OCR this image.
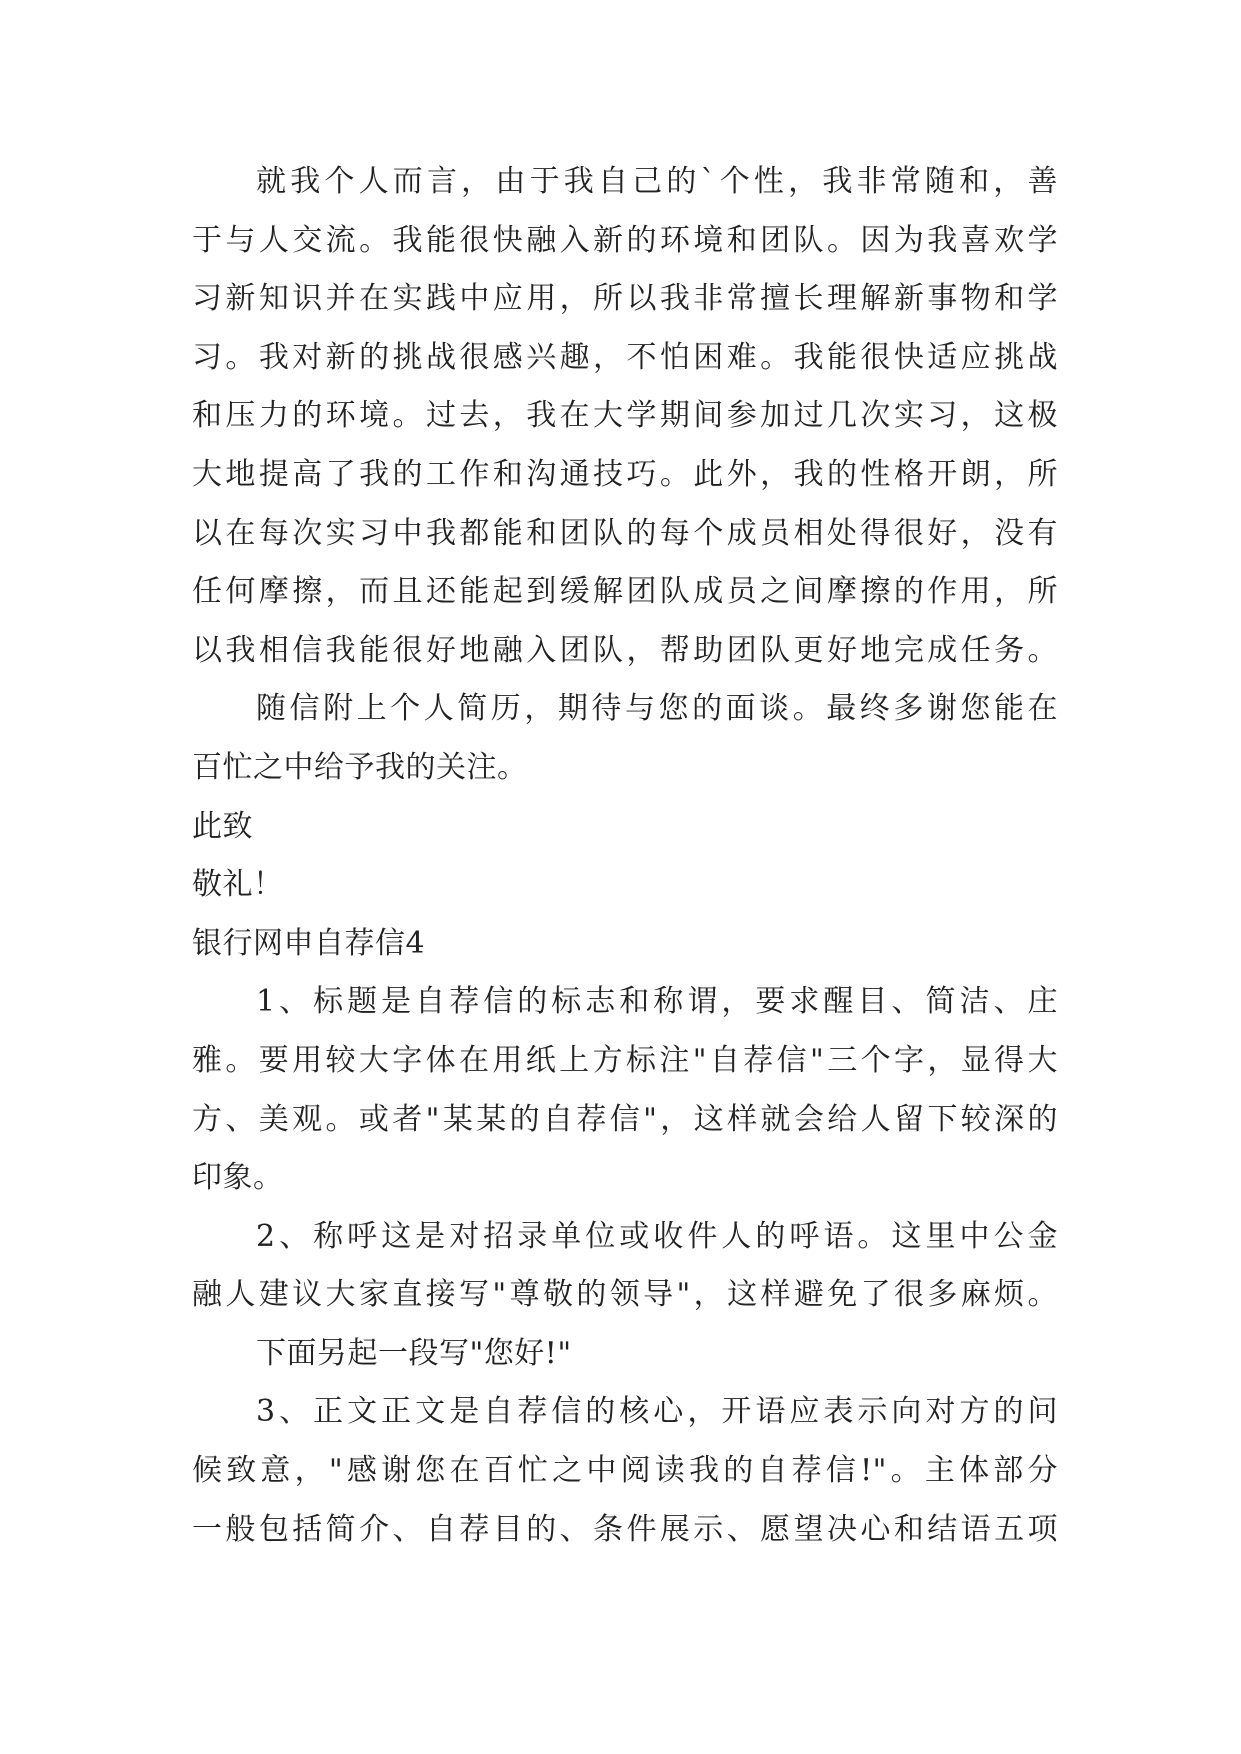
就我个人而言，由于我自己的`个性，我非常随和，善
于与人交流。我能很快融入新的环境和团队。因为我喜欢学
习新知识并在实践中应用，所以我非常擅长理解新事物和学
习。我对新的挑战很感兴趣，不怕困难。我能很快适应挑战
和压力的环境。过去，我在大学期间参加过几次实习，这极
大地提高了我的工作和沟通技巧。此外，我的性格开朗，所
以在每次实习中我都能和团队的每个成员相处得很好，没有
任何摩擦，而且还能起到缓解团队成员之间摩擦的作用，所
以我相信我能很好地融入团队，帮助团队更好地完成任务。
随信附上个人简历，期待与您的面谈。最终多谢您能在
百忙之中给予我的关注。
此致
敬礼！
银行网申自荐信4
1、标题是自荐信的标志和称谓，要求醒目、简洁、庄
雅。要用较大字体在用纸上方标注"自荐信"三个字，显得大
方、美观。或者"某某的自荐信"，这样就会给人留下较深的
印象。
2、称呼这是对招录单位或收件人的呼语。这里中公金
融人建议大家直接写"尊敬的领导"，这样避免了很多麻烦。
下面另起一段写"您好!"
3、正文正文是自荐信的核心，开语应表示向对方的问
候致意，"感谢您在百忙之中阅读我的自荐信!"。主体部分
一般包括简介、自荐目的、条件展示、愿望决心和结语五项
